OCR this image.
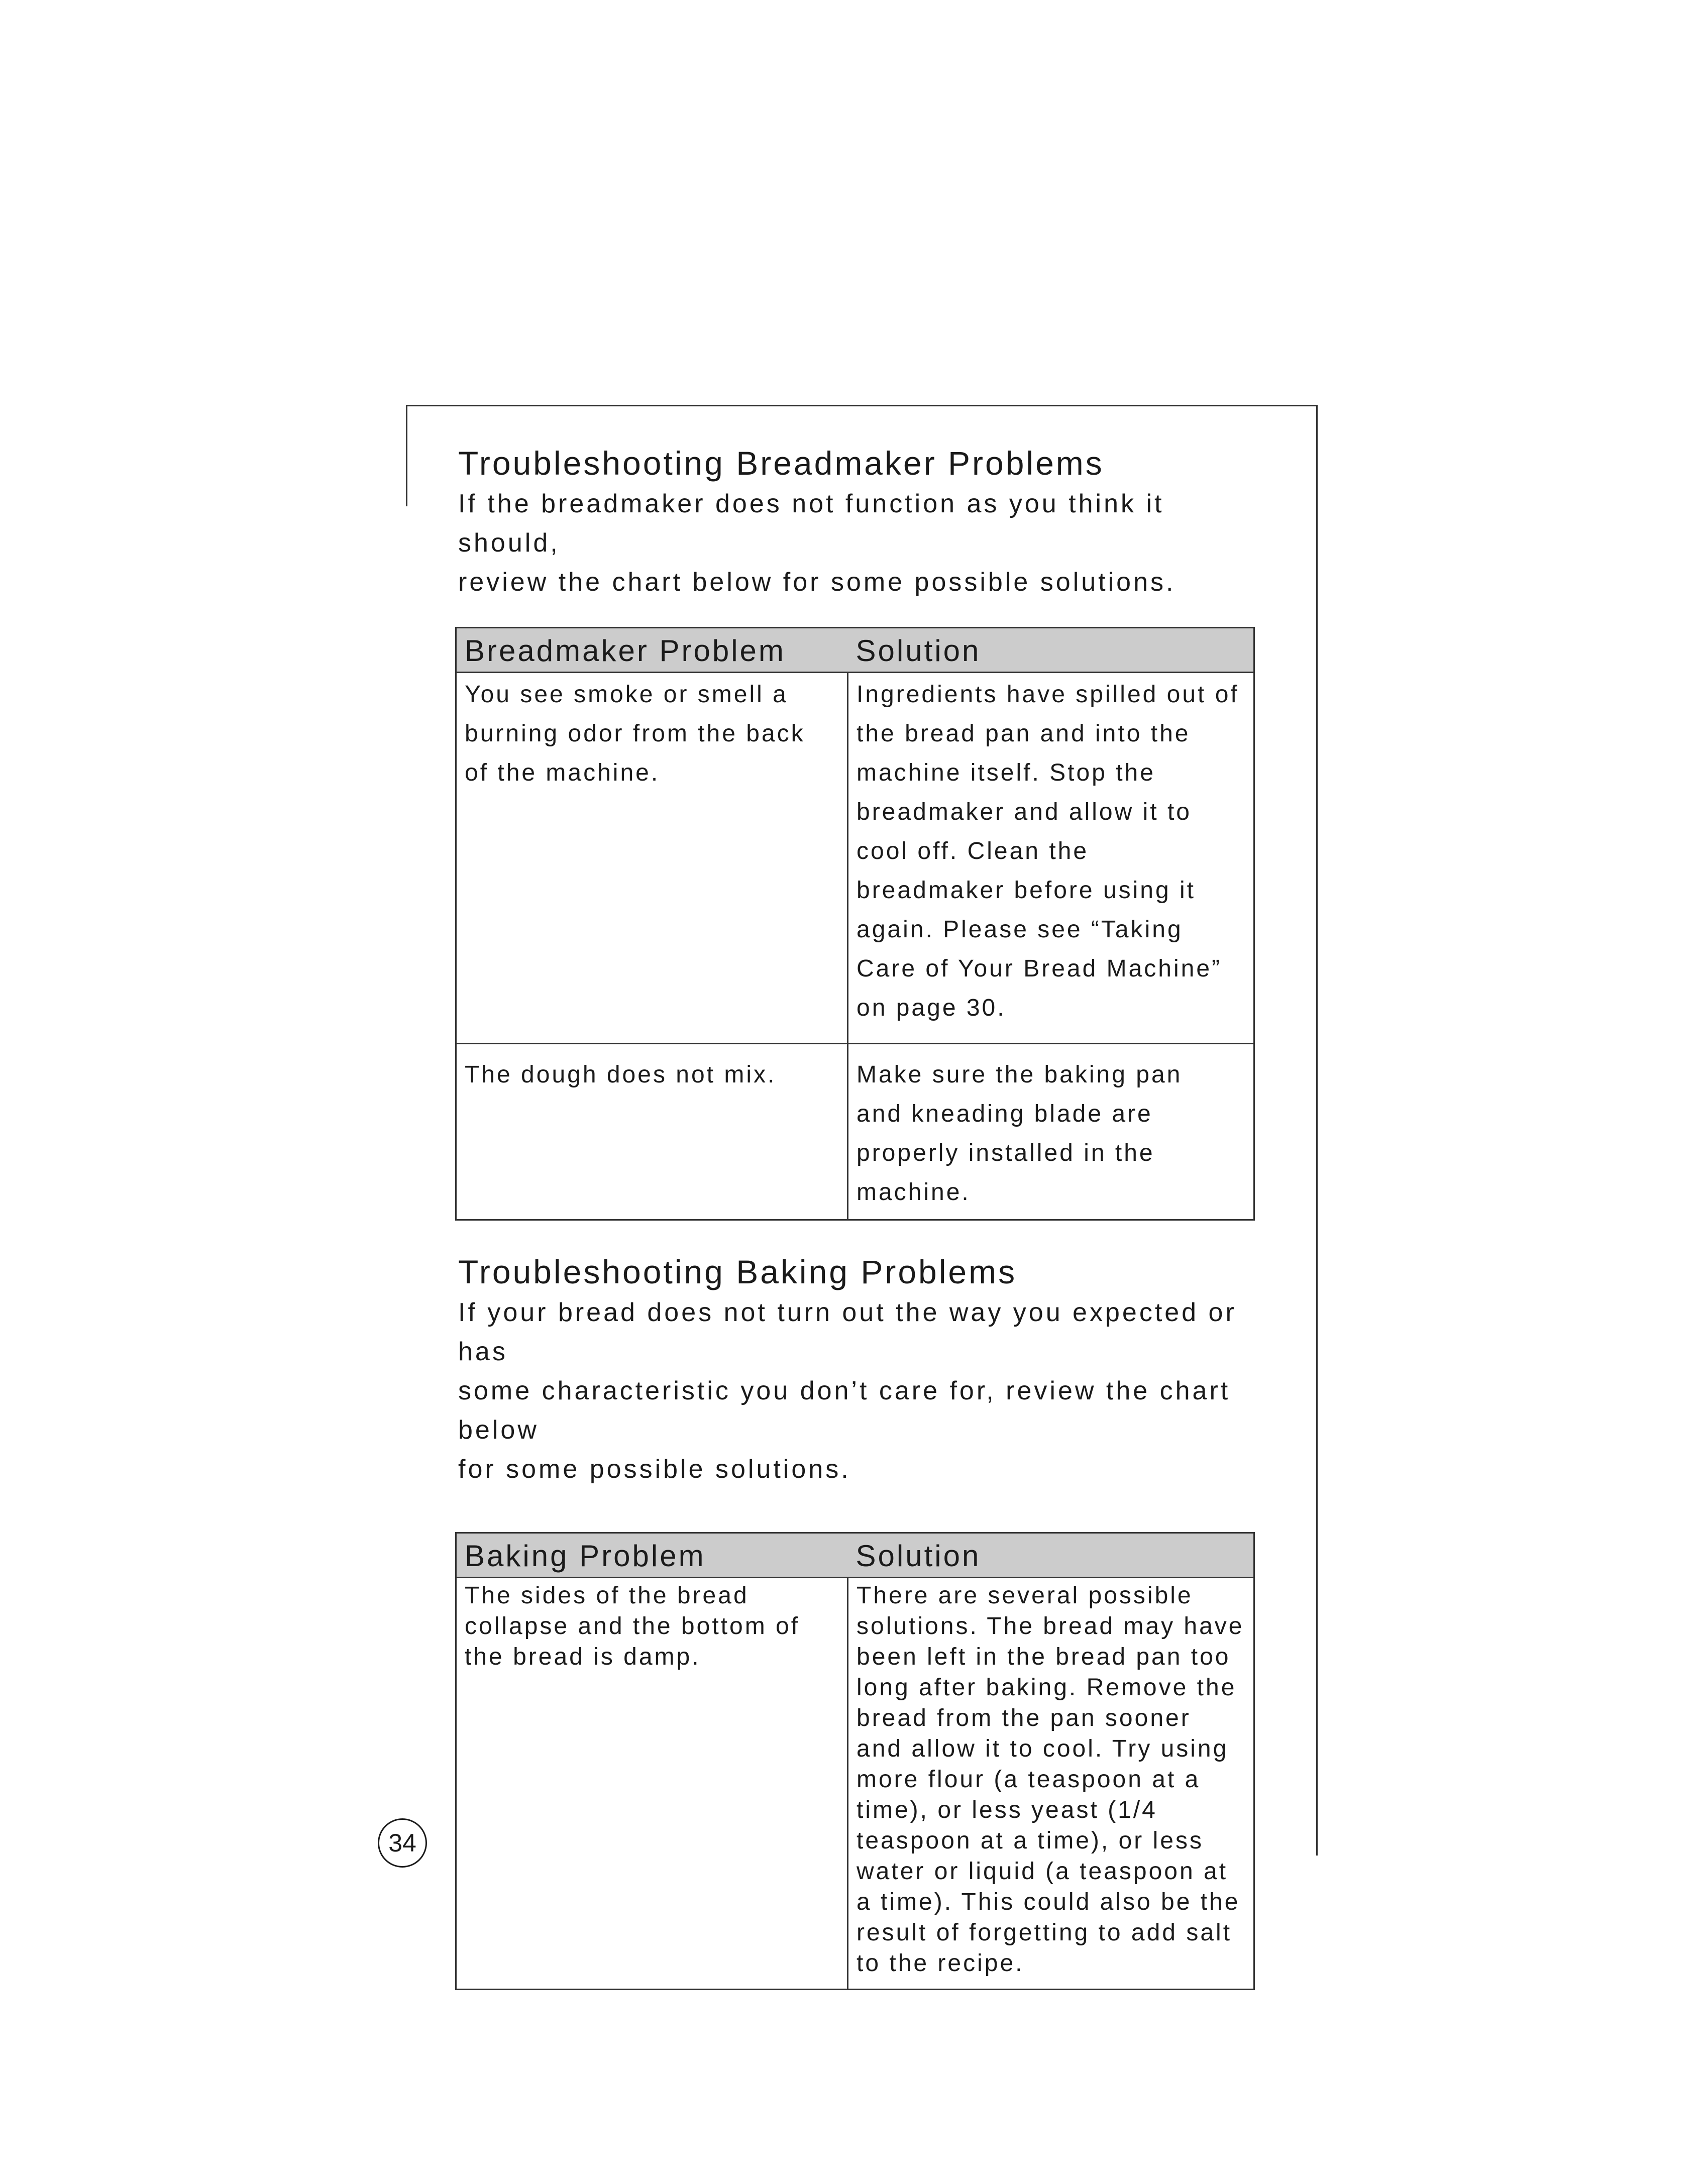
Troubleshooting Breadmaker Problems

If the breadmaker does not function as you think it should,
review the chart below for some possible solutions.

Breadmaker Problem	Solution
You see smoke or smell a burning odor from the back of the machine.	Ingredients have spilled out of the bread pan and into the machine itself. Stop the breadmaker and allow it to cool off. Clean the breadmaker before using it again. Please see “Taking Care of Your Bread Machine” on page 30.
The dough does not mix.	Make sure the baking pan and kneading blade are properly installed in the machine.
Troubleshooting Baking Problems

If your bread does not turn out the way you expected or has
some characteristic you don’t care for, review the chart below
for some possible solutions.

Baking Problem	Solution
The sides of the bread collapse and the bottom of the bread is damp.	There are several possible solutions. The bread may have been left in the bread pan too long after baking. Remove the bread from the pan sooner and allow it to cool. Try using more flour (a teaspoon at a time), or less yeast (1/4 teaspoon at a time), or less water or liquid (a teaspoon at a time). This could also be the result of forgetting to add salt to the recipe.
34
